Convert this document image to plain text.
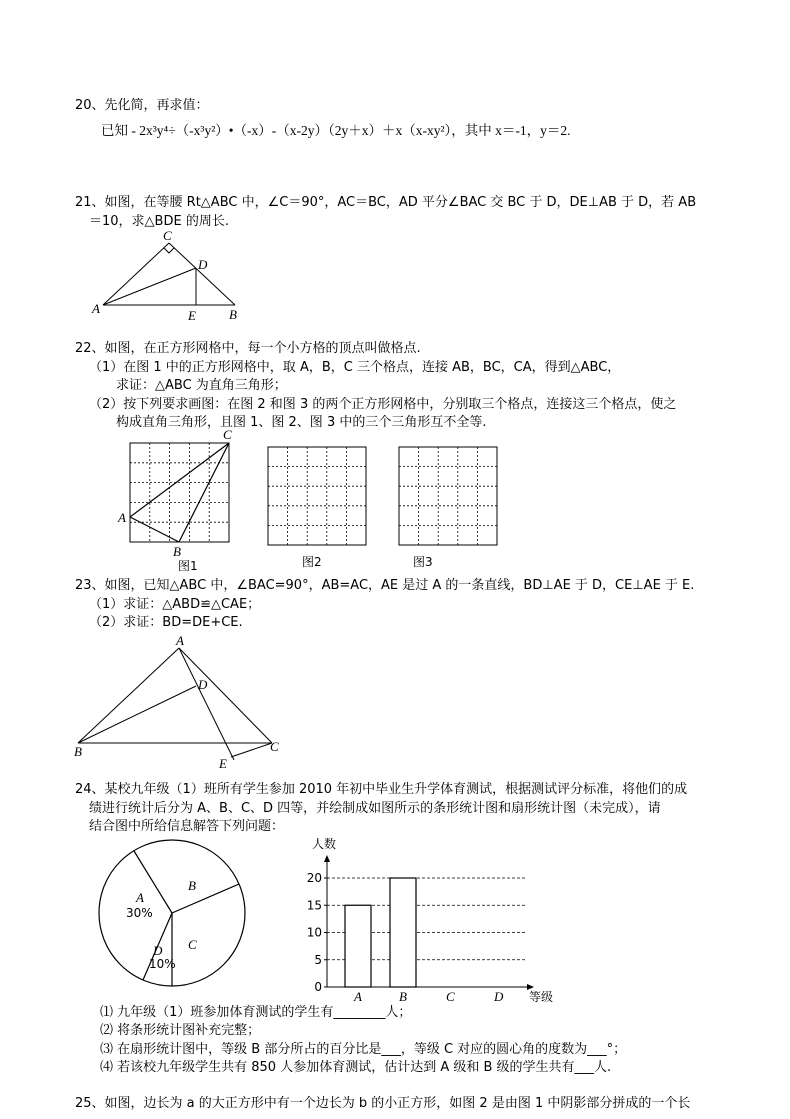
20、先化简，再求值：
已知 - 2x³y⁴÷（-x³y²）•（-x）-（x-2y）（2y＋x）＋x（x-xy²），其中 x＝-1，y＝2.
21、如图，在等腰 Rt△ABC 中，∠C＝90°，AC＝BC，AD 平分∠BAC 交 BC 于 D，DE⊥AB 于 D，若 AB
＝10，求△BDE 的周长.
C
D
A	E	B
A
B
C
图1	图2	图3
A
D
B	C
E
A
30%
B
C
D
10%
0
5
10
15
20
人数
等级
A	B	C	D
22、如图，在正方形网格中，每一个小方格的顶点叫做格点.
（1）在图 1 中的正方形网格中，取 A，B，C 三个格点，连接 AB，BC，CA，得到△ABC，
求证：△ABC 为直角三角形；
（2）按下列要求画图：在图 2 和图 3 的两个正方形网格中，分别取三个格点，连接这三个格点，使之
构成直角三角形，且图 1、图 2、图 3 中的三个三角形互不全等.
23、如图，已知△ABC 中，∠BAC=90°，AB=AC，AE 是过 A 的一条直线，BD⊥AE 于 D，CE⊥AE 于 E.
（1）求证：△ABD≌△CAE；
（2）求证：BD=DE+CE.
24、某校九年级（1）班所有学生参加 2010 年初中毕业生升学体育测试，根据测试评分标准，将他们的成
绩进行统计后分为 A、B、C、D 四等，并绘制成如图所示的条形统计图和扇形统计图（未完成），请
结合图中所给信息解答下列问题：
⑴ 九年级（1）班参加体育测试的学生有________人；
⑵ 将条形统计图补充完整；
⑶ 在扇形统计图中，等级 B 部分所占的百分比是___，等级 C 对应的圆心角的度数为___°；
⑷ 若该校九年级学生共有 850 人参加体育测试，估计达到 A 级和 B 级的学生共有___人.
25、如图，边长为 a 的大正方形中有一个边长为 b 的小正方形，如图 2 是由图 1 中阴影部分拼成的一个长
